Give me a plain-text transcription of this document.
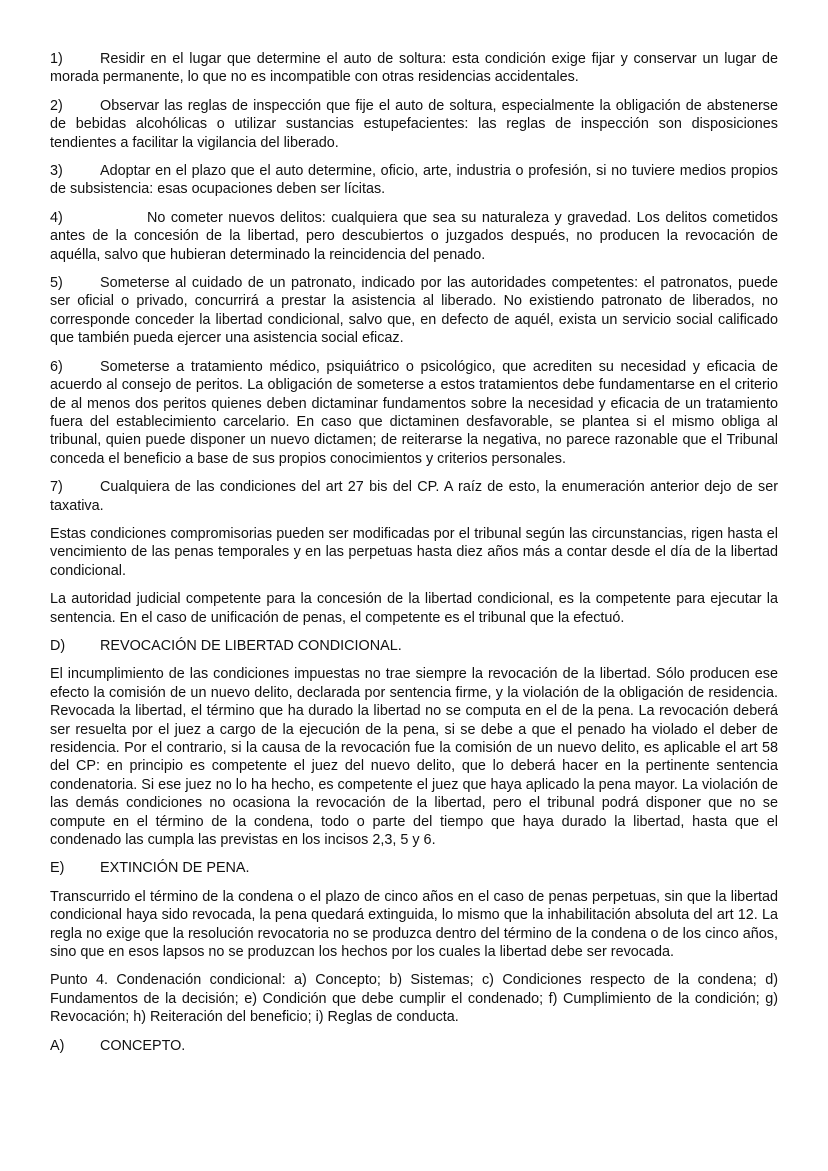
1)	Residir en el lugar que determine el auto de soltura: esta condición exige fijar y conservar un lugar de morada permanente, lo que no es incompatible con otras residencias accidentales.

2)	Observar las reglas de inspección que fije el auto de soltura, especialmente la obligación de abstenerse de bebidas alcohólicas o utilizar sustancias estupefacientes: las reglas de inspección son disposiciones tendientes a facilitar la vigilancia del liberado.

3)	Adoptar en el plazo que el auto determine, oficio, arte, industria o profesión, si no tuviere medios propios de subsistencia: esas ocupaciones deben ser lícitas.

4)	No cometer nuevos delitos: cualquiera que sea su naturaleza y gravedad. Los delitos cometidos antes de la concesión de la libertad, pero descubiertos o juzgados después, no producen la revocación de aquélla, salvo que hubieran determinado la reincidencia del penado.

5)	Someterse al cuidado de un patronato, indicado por las autoridades competentes: el patronatos, puede ser oficial o privado, concurrirá a prestar la asistencia al liberado. No existiendo patronato de liberados, no corresponde conceder la libertad condicional, salvo que, en defecto de aquél, exista un servicio social calificado que también pueda ejercer una asistencia social eficaz.

6)	Someterse a tratamiento médico, psiquiátrico o psicológico, que acrediten su necesidad y eficacia de acuerdo al consejo de peritos. La obligación de someterse a estos tratamientos debe fundamentarse en el criterio de al menos dos peritos quienes deben dictaminar fundamentos sobre la necesidad y eficacia de un tratamiento fuera del establecimiento carcelario. En caso que dictaminen desfavorable, se plantea si el mismo obliga al tribunal, quien puede disponer un nuevo dictamen; de reiterarse la negativa, no parece razonable que el Tribunal conceda el beneficio a base de sus propios conocimientos y criterios personales.

7)	Cualquiera de las condiciones del art 27 bis del CP. A raíz de esto, la enumeración anterior dejo de ser taxativa.

Estas condiciones compromisorias pueden ser modificadas por el tribunal según las circunstancias, rigen hasta el vencimiento de las penas temporales y en las perpetuas hasta diez años más a contar desde el día de la libertad condicional.

La autoridad judicial competente para la concesión de la libertad condicional, es la competente para ejecutar la sentencia. En el caso de unificación de penas, el competente es el tribunal que la efectuó.

D) REVOCACIÓN DE LIBERTAD CONDICIONAL.

El incumplimiento de las condiciones impuestas no trae siempre la revocación de la libertad. Sólo producen ese efecto la comisión de un nuevo delito, declarada por sentencia firme, y la violación de la obligación de residencia. Revocada la libertad, el término que ha durado la libertad no se computa en el de la pena. La revocación deberá ser resuelta por el juez a cargo de la ejecución de la pena, si se debe a que el penado ha violado el deber de residencia. Por el contrario, si la causa de la revocación fue la comisión de un nuevo delito, es aplicable el art 58 del CP: en principio es competente el juez del nuevo delito, que lo deberá hacer en la pertinente sentencia condenatoria. Si ese juez no lo ha hecho, es competente el juez que haya aplicado la pena mayor. La violación de las demás condiciones no ocasiona la revocación de la libertad, pero el tribunal podrá disponer que no se compute en el término de la condena, todo o parte del tiempo que haya durado la libertad, hasta que el condenado las cumpla las previstas en los incisos 2,3, 5 y 6.

E) EXTINCIÓN DE PENA.

Transcurrido el término de la condena o el plazo de cinco años en el caso de penas perpetuas, sin que la libertad condicional haya sido revocada, la pena quedará extinguida, lo mismo que la inhabilitación absoluta del art 12. La regla no exige que la resolución revocatoria no se produzca dentro del término de la condena o de los cinco años, sino que en esos lapsos no se produzcan los hechos por los cuales la libertad debe ser revocada.

Punto 4. Condenación condicional: a) Concepto; b) Sistemas; c) Condiciones respecto de la condena; d) Fundamentos de la decisión; e) Condición que debe cumplir el condenado; f) Cumplimiento de la condición; g) Revocación; h) Reiteración del beneficio; i) Reglas de conducta.

A) CONCEPTO.
